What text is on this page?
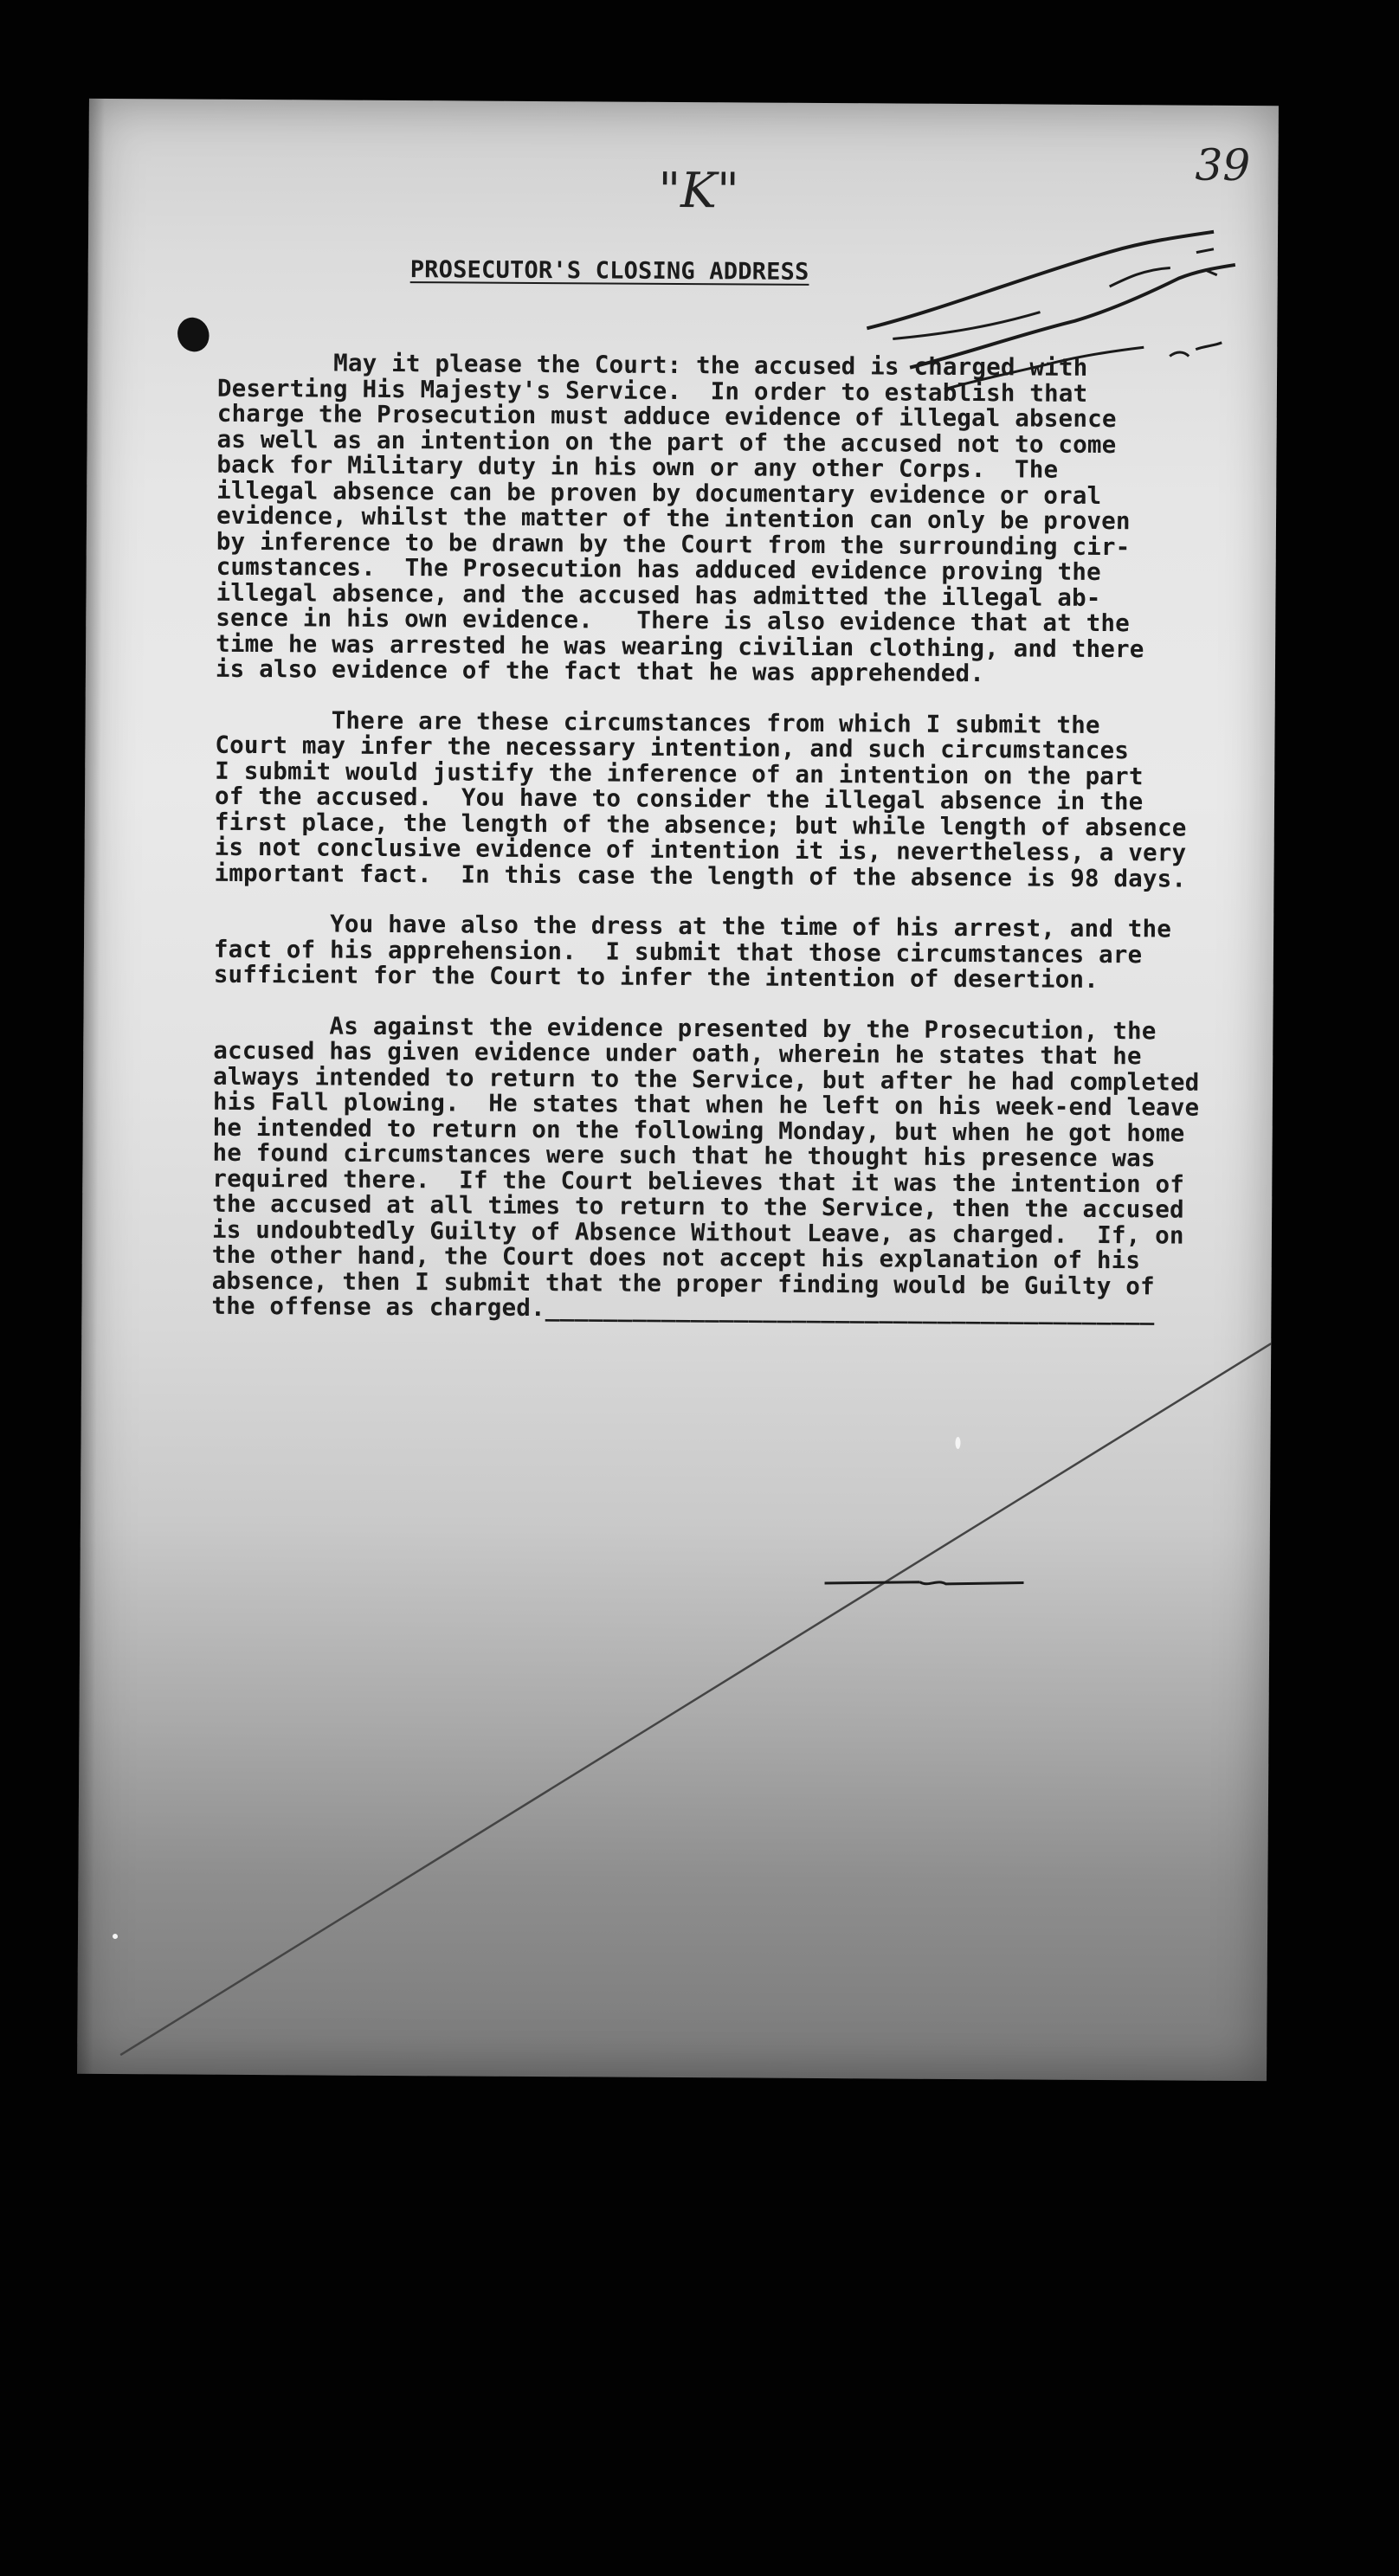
"K"	39
PROSECUTOR'S CLOSING ADDRESS

May it please the Court: the accused is charged with
Deserting His Majesty's Service.  In order to establish that
charge the Prosecution must adduce evidence of illegal absence
as well as an intention on the part of the accused not to come
back for Military duty in his own or any other Corps.  The
illegal absence can be proven by documentary evidence or oral
evidence, whilst the matter of the intention can only be proven
by inference to be drawn by the Court from the surrounding cir-
cumstances.  The Prosecution has adduced evidence proving the
illegal absence, and the accused has admitted the illegal ab-
sence in his own evidence.   There is also evidence that at the
time he was arrested he was wearing civilian clothing, and there
is also evidence of the fact that he was apprehended.

There are these circumstances from which I submit the
Court may infer the necessary intention, and such circumstances
I submit would justify the inference of an intention on the part
of the accused.  You have to consider the illegal absence in the
first place, the length of the absence; but while length of absence
is not conclusive evidence of intention it is, nevertheless, a very
important fact.  In this case the length of the absence is 98 days.

You have also the dress at the time of his arrest, and the
fact of his apprehension.  I submit that those circumstances are
sufficient for the Court to infer the intention of desertion.

As against the evidence presented by the Prosecution, the
accused has given evidence under oath, wherein he states that he
always intended to return to the Service, but after he had completed
his Fall plowing.  He states that when he left on his week-end leave
he intended to return on the following Monday, but when he got home
he found circumstances were such that he thought his presence was
required there.  If the Court believes that it was the intention of
the accused at all times to return to the Service, then the accused
is undoubtedly Guilty of Absence Without Leave, as charged.  If, on
the other hand, the Court does not accept his explanation of his
absence, then I submit that the proper finding would be Guilty of
the offense as charged.__________________________________________
